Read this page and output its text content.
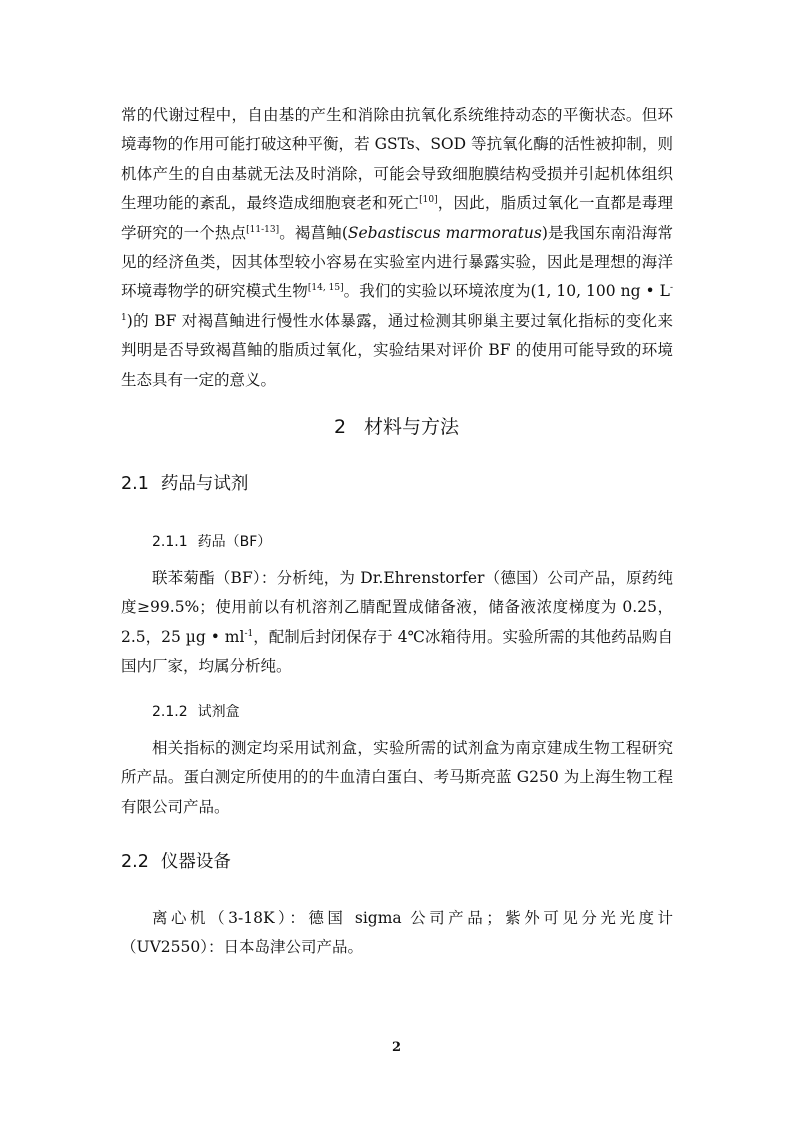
常的代谢过程中，自由基的产生和消除由抗氧化系统维持动态的平衡状态。但环境毒物的作用可能打破这种平衡，若 GSTs、SOD 等抗氧化酶的活性被抑制，则机体产生的自由基就无法及时消除，可能会导致细胞膜结构受损并引起机体组织生理功能的紊乱，最终造成细胞衰老和死亡[10]，因此，脂质过氧化一直都是毒理学研究的一个热点[11-13]。褐菖鲉(Sebastiscus marmoratus)是我国东南沿海常见的经济鱼类，因其体型较小容易在实验室内进行暴露实验，因此是理想的海洋环境毒物学的研究模式生物[14, 15]。我们的实验以环境浓度为(1, 10, 100 ng • $L^{-1}$)的 BF 对褐菖鲉进行慢性水体暴露，通过检测其卵巢主要过氧化指标的变化来判明是否导致褐菖鲉的脂质过氧化，实验结果对评价 BF 的使用可能导致的环境生态具有一定的意义。

2 材料与方法
2.1 药品与试剂
2.1.1 药品（BF）

联苯菊酯（BF）：分析纯，为 Dr.Ehrenstorfer（德国）公司产品，原药纯度≥99.5%；使用前以有机溶剂乙腈配置成储备液，储备液浓度梯度为 0.25，2.5，25 µg • $ml^{-1}$，配制后封闭保存于 4℃冰箱待用。实验所需的其他药品购自国内厂家，均属分析纯。

2.1.2 试剂盒

相关指标的测定均采用试剂盒，实验所需的试剂盒为南京建成生物工程研究所产品。蛋白测定所使用的的牛血清白蛋白、考马斯亮蓝 G250 为上海生物工程有限公司产品。

2.2 仪器设备

离心机（3-18K）：德国 sigma 公司产品；紫外可见分光光度计（UV2550）：日本岛津公司产品。

2
